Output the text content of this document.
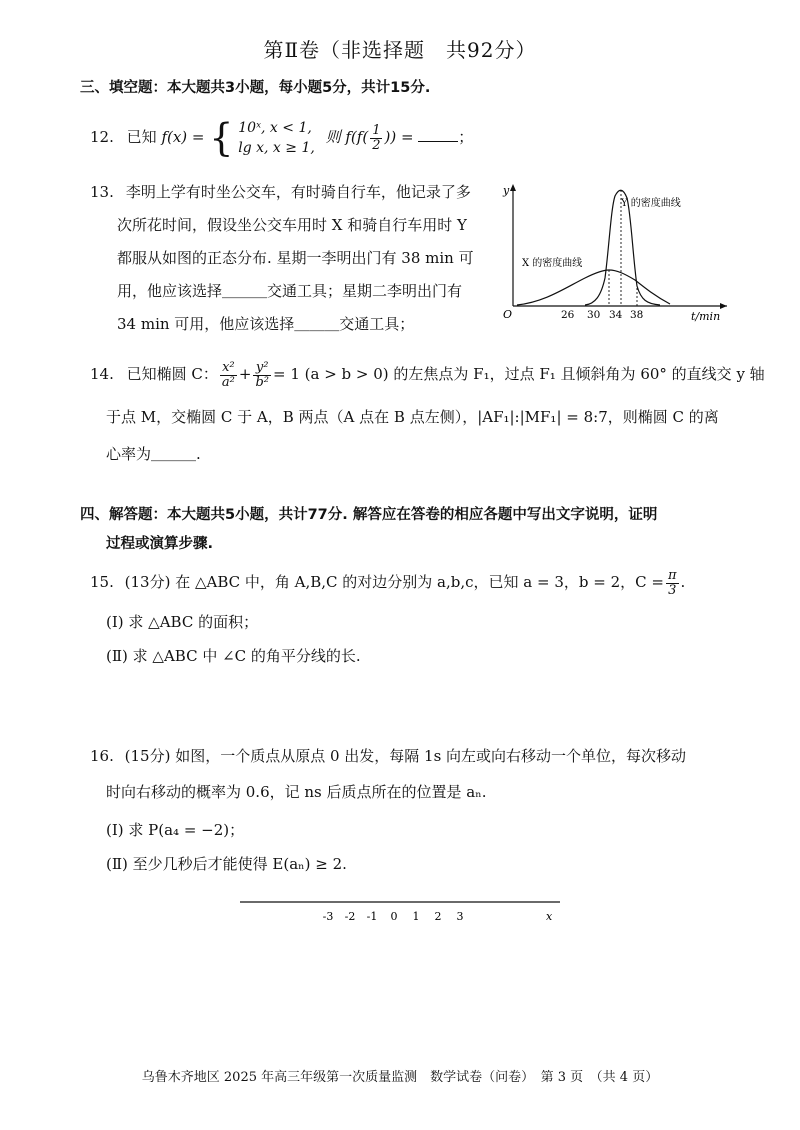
第Ⅱ卷（非选择题　共92分）
三、填空题：本大题共3小题，每小题5分，共计15分.
12. 已知 f(x) = { 10ˣ, x < 1,
lg x, x ≥ 1,
则 $f(f( \frac{1}{2}$ )) =	；
13. 李明上学有时坐公交车，有时骑自行车，他记录了多
次所花时间，假设坐公交车用时 X 和骑自行车用时 Y
都服从如图的正态分布. 星期一李明出门有 38 min 可
用，他应该选择＿＿＿交通工具；星期二李明出门有
34 min 可用，他应该选择＿＿＿交通工具；
y
t/min
O	26 30 34 38
X 的密度曲线
Y 的密度曲线
14. 已知椭圆 C： $\frac{\text{x²}}{\text{a²}} + \frac{\text{y²}}{\text{b²}} = 1$ (a > b > 0) 的左焦点为 F₁，过点 F₁ 且倾斜角为 60° 的直线交 y 轴
于点 M，交椭圆 C 于 A，B 两点（A 点在 B 点左侧），|AF₁|:|MF₁| = 8:7，则椭圆 C 的离
心率为＿＿＿.
四、解答题：本大题共5小题，共计77分. 解答应在答卷的相应各题中写出文字说明，证明
过程或演算步骤.
15. (13分) 在 △ABC 中，角 A,B,C 的对边分别为 a,b,c，已知 a = 3，b = 2，$C = \frac{\pi}{3}$ .
(Ⅰ) 求 △ABC 的面积；
(Ⅱ) 求 △ABC 中 ∠C 的角平分线的长.
16. (15分) 如图，一个质点从原点 0 出发，每隔 1s 向左或向右移动一个单位，每次移动
时向右移动的概率为 0.6，记 ns 后质点所在的位置是 aₙ.
(Ⅰ) 求 P(a₄ = −2)；
(Ⅱ) 至少几秒后才能使得 E(aₙ) ≥ 2.
-3 -2 -1 0 1 2 3	x
乌鲁木齐地区 2025 年高三年级第一次质量监测　数学试卷（问卷）　第 3 页　（共 4 页）
